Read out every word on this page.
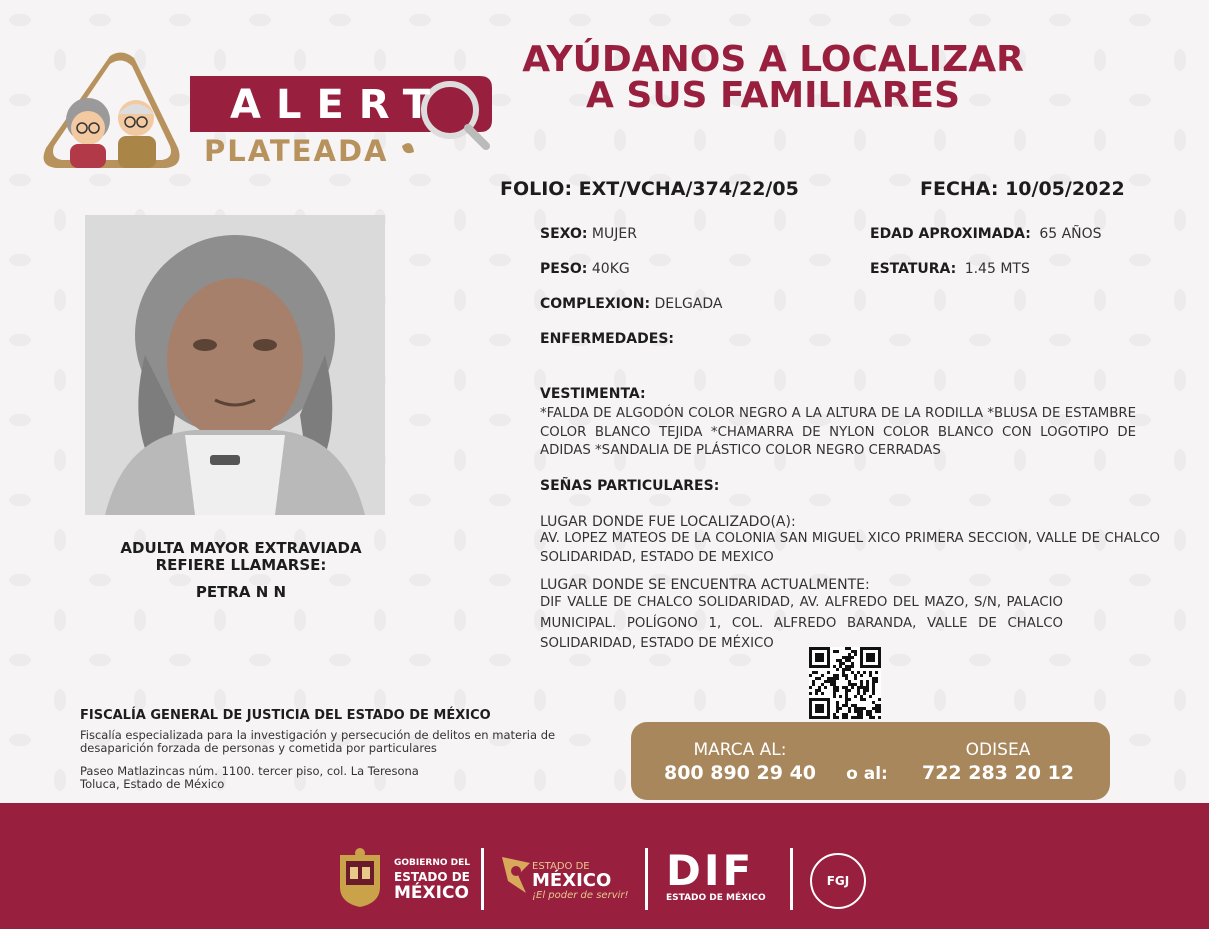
ALERT
PLATEADA
AYÚDANOS A LOCALIZAR
A SUS FAMILIARES
FOLIO: EXT/VCHA/374/22/05	FECHA: 10/05/2022
ADULTA MAYOR EXTRAVIADA
REFIERE LLAMARSE:
PETRA N N
SEXO: MUJER	EDAD APROXIMADA: 65 AÑOS
PESO: 40KG	ESTATURA: 1.45 MTS
COMPLEXION: DELGADA
ENFERMEDADES:
VESTIMENTA:
*FALDA DE ALGODÓN COLOR NEGRO A LA ALTURA DE LA RODILLA *BLUSA DE ESTAMBRE COLOR BLANCO TEJIDA *CHAMARRA DE NYLON COLOR BLANCO CON LOGOTIPO DE ADIDAS *SANDALIA DE PLÁSTICO COLOR NEGRO CERRADAS
SEÑAS PARTICULARES:
LUGAR DONDE FUE LOCALIZADO(A):
AV. LOPEZ MATEOS DE LA COLONIA SAN MIGUEL XICO PRIMERA SECCION, VALLE DE CHALCO SOLIDARIDAD, ESTADO DE MEXICO
LUGAR DONDE SE ENCUENTRA ACTUALMENTE:
DIF VALLE DE CHALCO SOLIDARIDAD, AV. ALFREDO DEL MAZO, S/N, PALACIO MUNICIPAL. POLÍGONO 1, COL. ALFREDO BARANDA, VALLE DE CHALCO SOLIDARIDAD, ESTADO DE MÉXICO
FISCALÍA GENERAL DE JUSTICIA DEL ESTADO DE MÉXICO
Fiscalía especializada para la investigación y persecución de delitos en materia de desaparición forzada de personas y cometida por particulares
Paseo Matlazincas núm. 1100. tercer piso, col. La Teresona
Toluca, Estado de México
MARCA AL:
800 890 29 40	o al:
ODISEA
722 283 20 12
GOBIERNO DEL
ESTADO DE
MÉXICO
ESTADO DE
MÉXICO
¡El poder de servir!
DIF
ESTADO DE MÉXICO
FGJ
